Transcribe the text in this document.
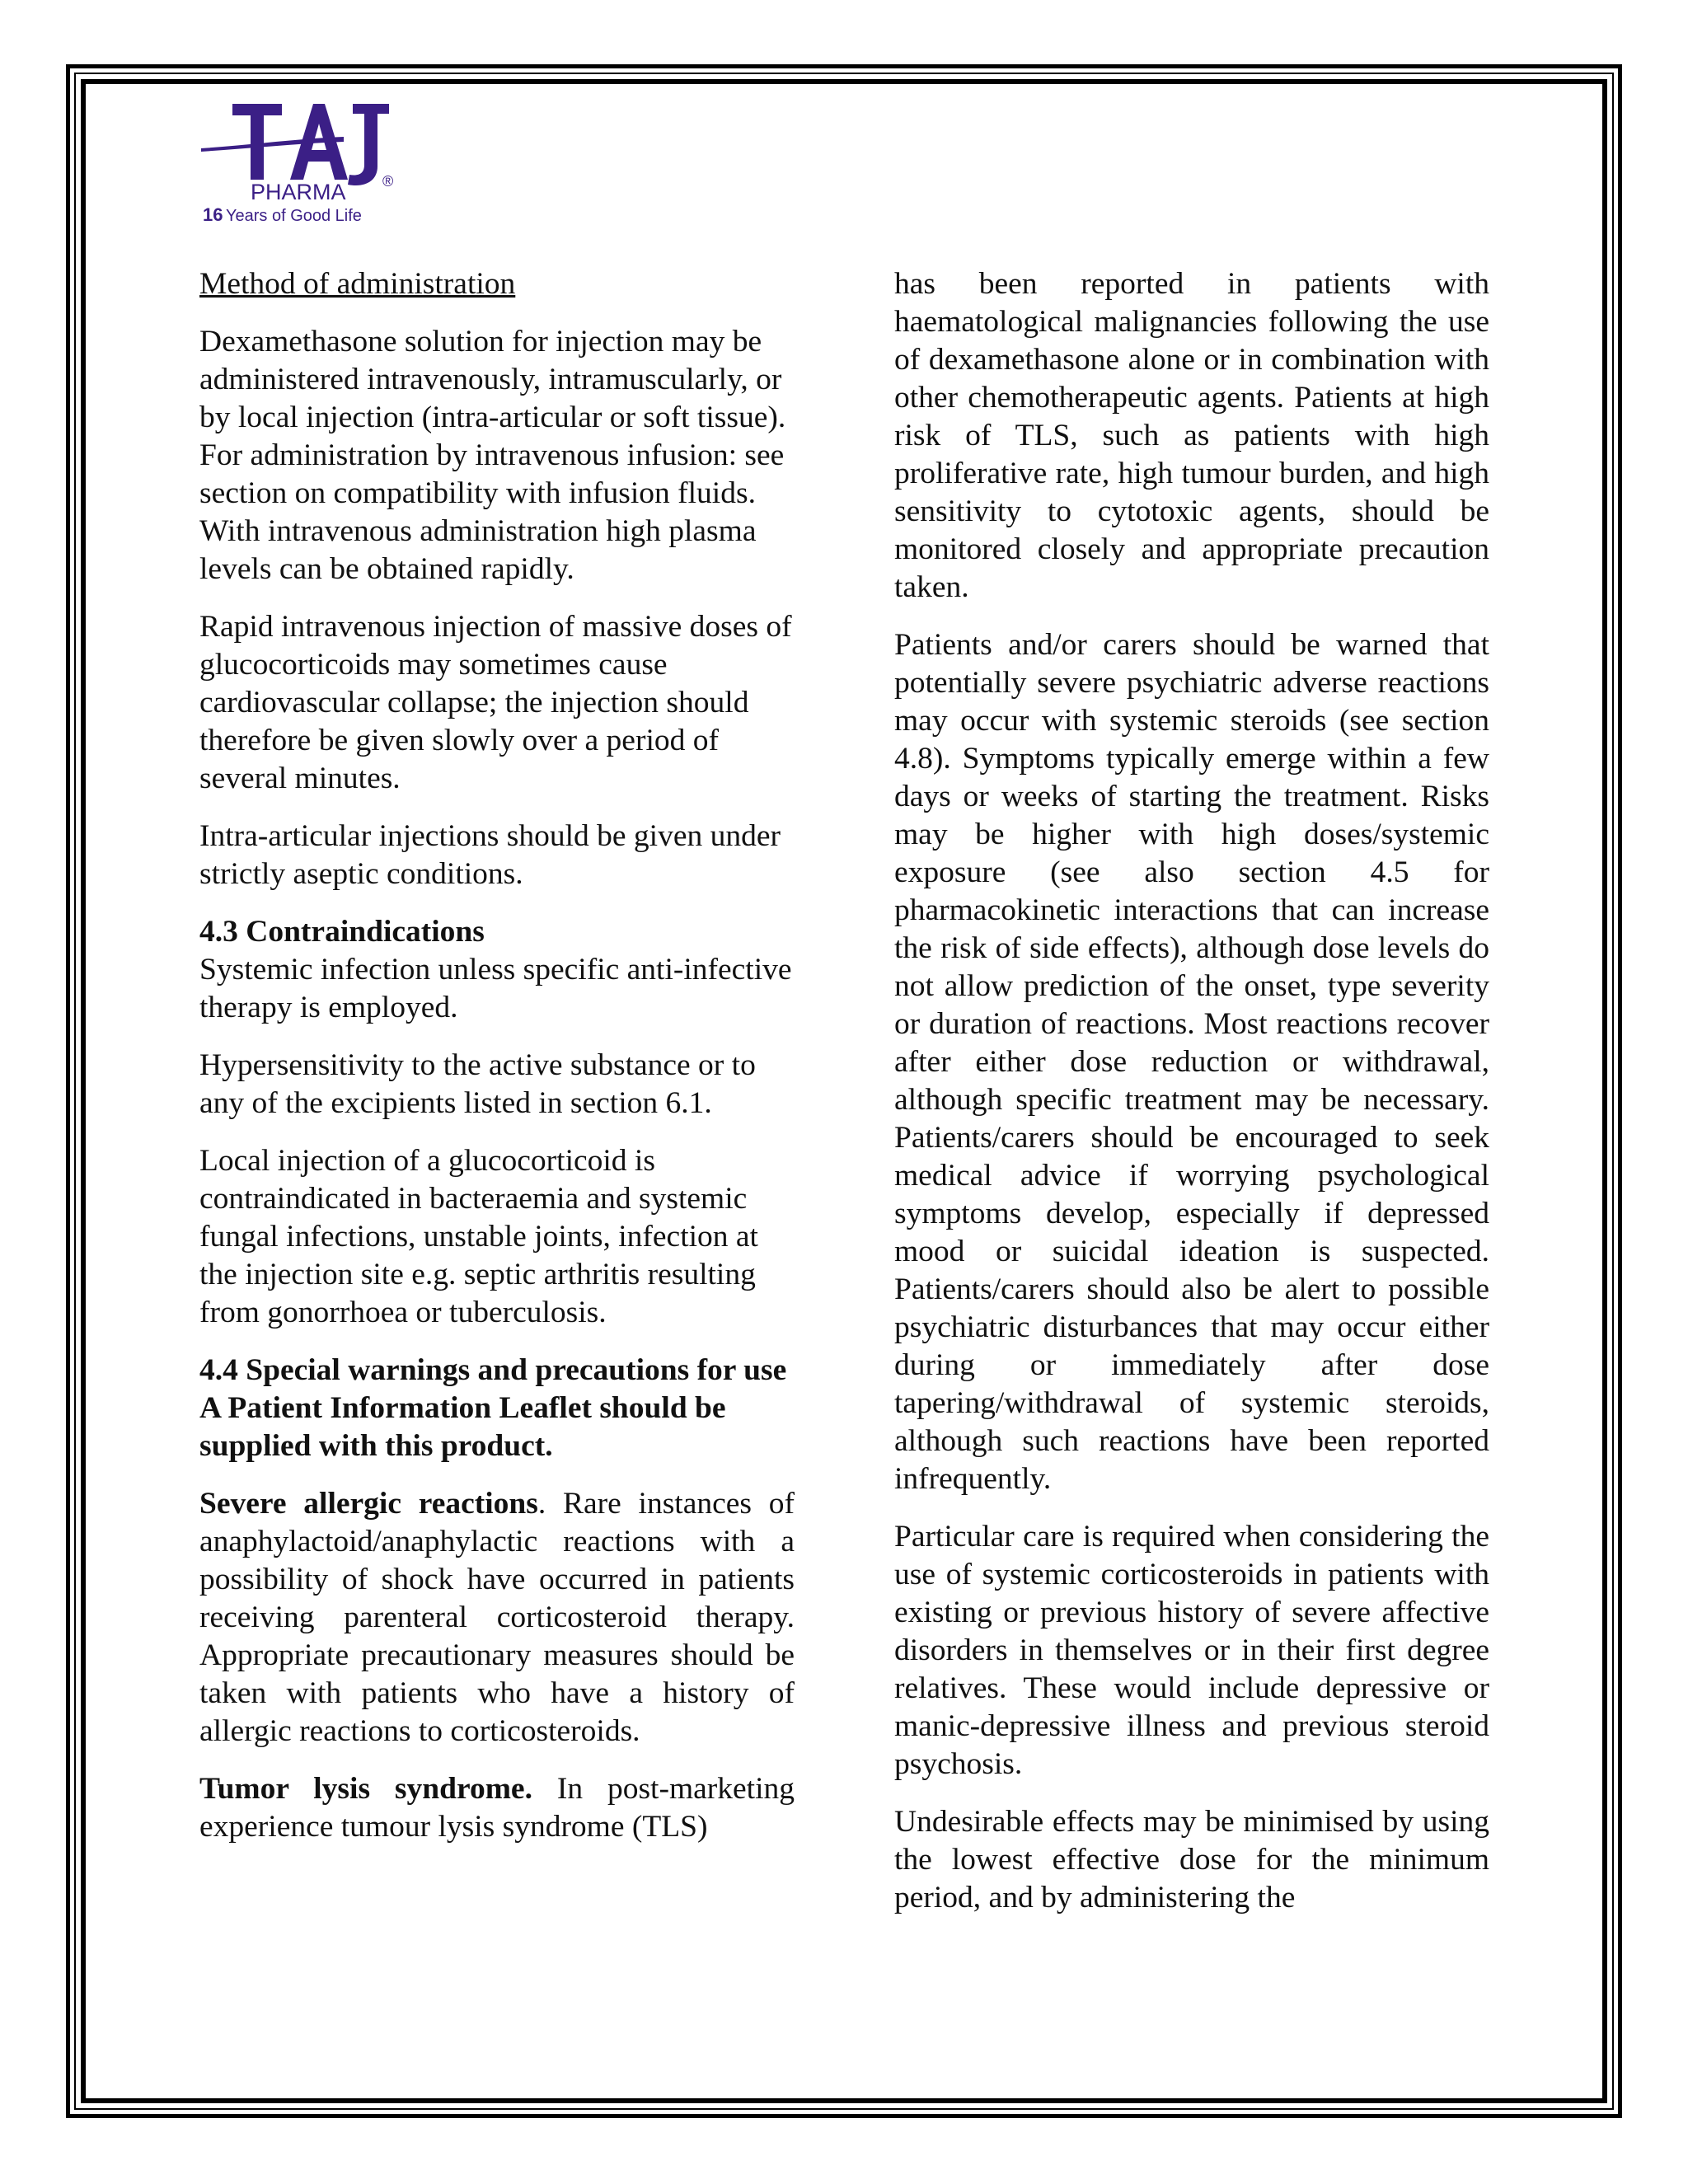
PHARMA ®
16 Years of Good Life
TAJ

Method of administration

Dexamethasone solution for injection may be administered intravenously, intramuscularly, or by local injection (intra-articular or soft tissue). For administration by intravenous infusion: see section on compatibility with infusion fluids. With intravenous administration high plasma levels can be obtained rapidly.

Rapid intravenous injection of massive doses of glucocorticoids may sometimes cause cardiovascular collapse; the injection should therefore be given slowly over a period of several minutes.

Intra-articular injections should be given under strictly aseptic conditions.

4.3 Contraindications

Systemic infection unless specific anti-infective therapy is employed.

Hypersensitivity to the active substance or to any of the excipients listed in section 6.1.

Local injection of a glucocorticoid is contraindicated in bacteraemia and systemic fungal infections, unstable joints, infection at the injection site e.g. septic arthritis resulting from gonorrhoea or tuberculosis.

4.4 Special warnings and precautions for use

A Patient Information Leaflet should be supplied with this product.

Severe allergic reactions. Rare instances of anaphylactoid/anaphylactic reactions with a possibility of shock have occurred in patients receiving parenteral corticosteroid therapy. Appropriate precautionary measures should be taken with patients who have a history of allergic reactions to corticosteroids.

Tumor lysis syndrome. In post-marketing experience tumour lysis syndrome (TLS)

has been reported in patients with haematological malignancies following the use of dexamethasone alone or in combination with other chemotherapeutic agents. Patients at high risk of TLS, such as patients with high proliferative rate, high tumour burden, and high sensitivity to cytotoxic agents, should be monitored closely and appropriate precaution taken.

Patients and/or carers should be warned that potentially severe psychiatric adverse reactions may occur with systemic steroids (see section 4.8). Symptoms typically emerge within a few days or weeks of starting the treatment. Risks may be higher with high doses/systemic exposure (see also section 4.5 for pharmacokinetic interactions that can increase the risk of side effects), although dose levels do not allow prediction of the onset, type severity or duration of reactions. Most reactions recover after either dose reduction or withdrawal, although specific treatment may be necessary. Patients/carers should be encouraged to seek medical advice if worrying psychological symptoms develop, especially if depressed mood or suicidal ideation is suspected. Patients/carers should also be alert to possible psychiatric disturbances that may occur either during or immediately after dose tapering/withdrawal of systemic steroids, although such reactions have been reported infrequently.

Particular care is required when considering the use of systemic corticosteroids in patients with existing or previous history of severe affective disorders in themselves or in their first degree relatives. These would include depressive or manic-depressive illness and previous steroid psychosis.

Undesirable effects may be minimised by using the lowest effective dose for the minimum period, and by administering the
